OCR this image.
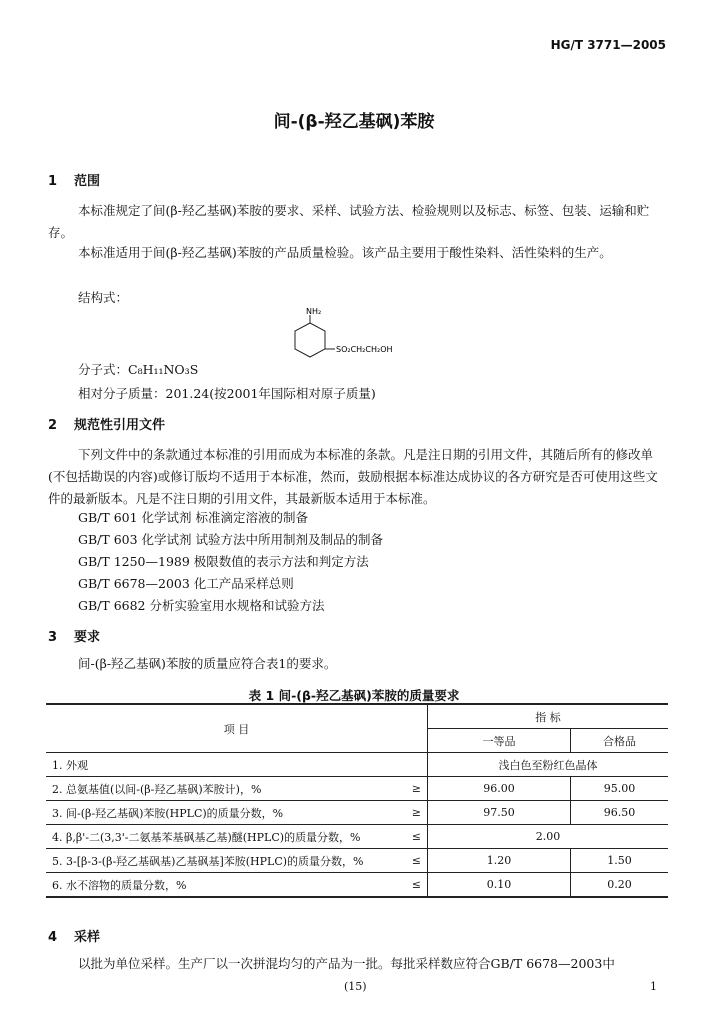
HG/T 3771—2005
间-(β-羟乙基砜)苯胺
1 范围
本标准规定了间(β-羟乙基砜)苯胺的要求、采样、试验方法、检验规则以及标志、标签、包装、运输和贮存。
本标准适用于间(β-羟乙基砜)苯胺的产品质量检验。该产品主要用于酸性染料、活性染料的生产。
结构式：
NH₂
SO₂CH₂CH₂OH
分子式：C₈H₁₁NO₃S
相对分子质量：201.24(按2001年国际相对原子质量)
2 规范性引用文件
下列文件中的条款通过本标准的引用而成为本标准的条款。凡是注日期的引用文件，其随后所有的修改单(不包括勘误的内容)或修订版均不适用于本标准，然而，鼓励根据本标准达成协议的各方研究是否可使用这些文件的最新版本。凡是不注日期的引用文件，其最新版本适用于本标准。
GB/T 601 化学试剂 标准滴定溶液的制备
GB/T 603 化学试剂 试验方法中所用制剂及制品的制备
GB/T 1250—1989 极限数值的表示方法和判定方法
GB/T 6678—2003 化工产品采样总则
GB/T 6682 分析实验室用水规格和试验方法
3 要求
间-(β-羟乙基砜)苯胺的质量应符合表1的要求。
表 1 间-(β-羟乙基砜)苯胺的质量要求
项 目		指 标	
		一等品	合格品
1. 外观		浅白色至粉红色晶体	
2. 总氨基值(以间-(β-羟乙基砜)苯胺计)，%	≥	96.00	95.00
3. 间-(β-羟乙基砜)苯胺(HPLC)的质量分数，%	≥	97.50	96.50
4. β,β'-二(3,3'-二氨基苯基砜基乙基)醚(HPLC)的质量分数，%	≤	2.00	
5. 3-[β-3-(β-羟乙基砜基)乙基砜基]苯胺(HPLC)的质量分数，%	≤	1.20	1.50
6. 水不溶物的质量分数，%	≤	0.10	0.20
4 采样
以批为单位采样。生产厂以一次拼混均匀的产品为一批。每批采样数应符合GB/T 6678—2003中
(15)	1
